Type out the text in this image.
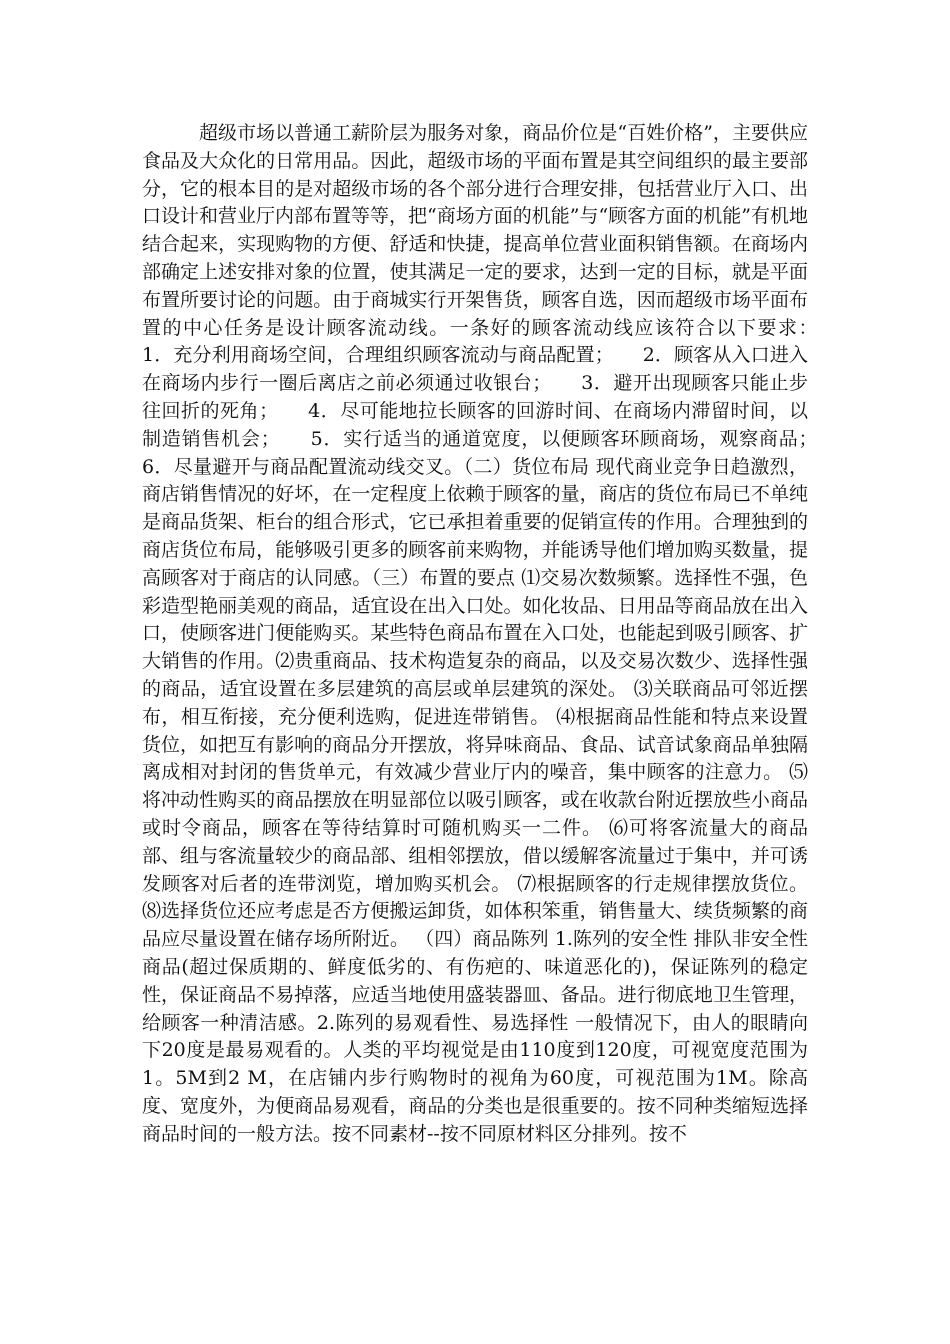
超级市场以普通工薪阶层为服务对象，商品价位是“百姓价格”，主要供应食品及大众化的日常用品。因此，超级市场的平面布置是其空间组织的最主要部分，它的根本目的是对超级市场的各个部分进行合理安排，包括营业厅入口、出口设计和营业厅内部布置等等，把“商场方面的机能”与“顾客方面的机能”有机地结合起来，实现购物的方便、舒适和快捷，提高单位营业面积销售额。在商场内部确定上述安排对象的位置，使其满足一定的要求，达到一定的目标，就是平面布置所要讨论的问题。由于商城实行开架售货，顾客自选，因而超级市场平面布置的中心任务是设计顾客流动线。一条好的顾客流动线应该符合以下要求：　　1．充分利用商场空间，合理组织顾客流动与商品配置；　　2．顾客从入口进入在商场内步行一圈后离店之前必须通过收银台；　　3．避开出现顾客只能止步往回折的死角；　　4．尽可能地拉长顾客的回游时间、在商场内滞留时间，以制造销售机会；　　5．实行适当的通道宽度，以便顾客环顾商场，观察商品；　　6．尽量避开与商品配置流动线交叉。（二）货位布局 现代商业竞争日趋激烈，商店销售情况的好坏，在一定程度上依赖于顾客的量，商店的货位布局已不单纯是商品货架、柜台的组合形式，它已承担着重要的促销宣传的作用。合理独到的商店货位布局，能够吸引更多的顾客前来购物，并能诱导他们增加购买数量，提高顾客对于商店的认同感。（三）布置的要点 ⑴交易次数频繁。选择性不强，色彩造型艳丽美观的商品，适宜设在出入口处。如化妆品、日用品等商品放在出入口，使顾客进门便能购买。某些特色商品布置在入口处，也能起到吸引顾客、扩大销售的作用。⑵贵重商品、技术构造复杂的商品，以及交易次数少、选择性强的商品，适宜设置在多层建筑的高层或单层建筑的深处。 ⑶关联商品可邻近摆布，相互衔接，充分便利选购，促进连带销售。 ⑷根据商品性能和特点来设置货位，如把互有影响的商品分开摆放，将异味商品、食品、试音试象商品单独隔离成相对封闭的售货单元，有效减少营业厅内的噪音，集中顾客的注意力。 ⑸将冲动性购买的商品摆放在明显部位以吸引顾客，或在收款台附近摆放些小商品或时令商品，顾客在等待结算时可随机购买一二件。 ⑹可将客流量大的商品部、组与客流量较少的商品部、组相邻摆放，借以缓解客流量过于集中，并可诱发顾客对后者的连带浏览，增加购买机会。 ⑺根据顾客的行走规律摆放货位。⑻选择货位还应考虑是否方便搬运卸货，如体积笨重，销售量大、续货频繁的商品应尽量设置在储存场所附近。 （四）商品陈列 1.陈列的安全性 排队非安全性商品(超过保质期的、鲜度低劣的、有伤疤的、味道恶化的)，保证陈列的稳定性，保证商品不易掉落，应适当地使用盛装器皿、备品。进行彻底地卫生管理，给顾客一种清洁感。2.陈列的易观看性、易选择性 一般情况下，由人的眼睛向下20度是最易观看的。人类的平均视觉是由110度到120度，可视宽度范围为1。5M到2 M，在店铺内步行购物时的视角为60度，可视范围为1M。除高度、宽度外，为便商品易观看，商品的分类也是很重要的。按不同种类缩短选择商品时间的一般方法。按不同素材--按不同原材料区分排列。按不
